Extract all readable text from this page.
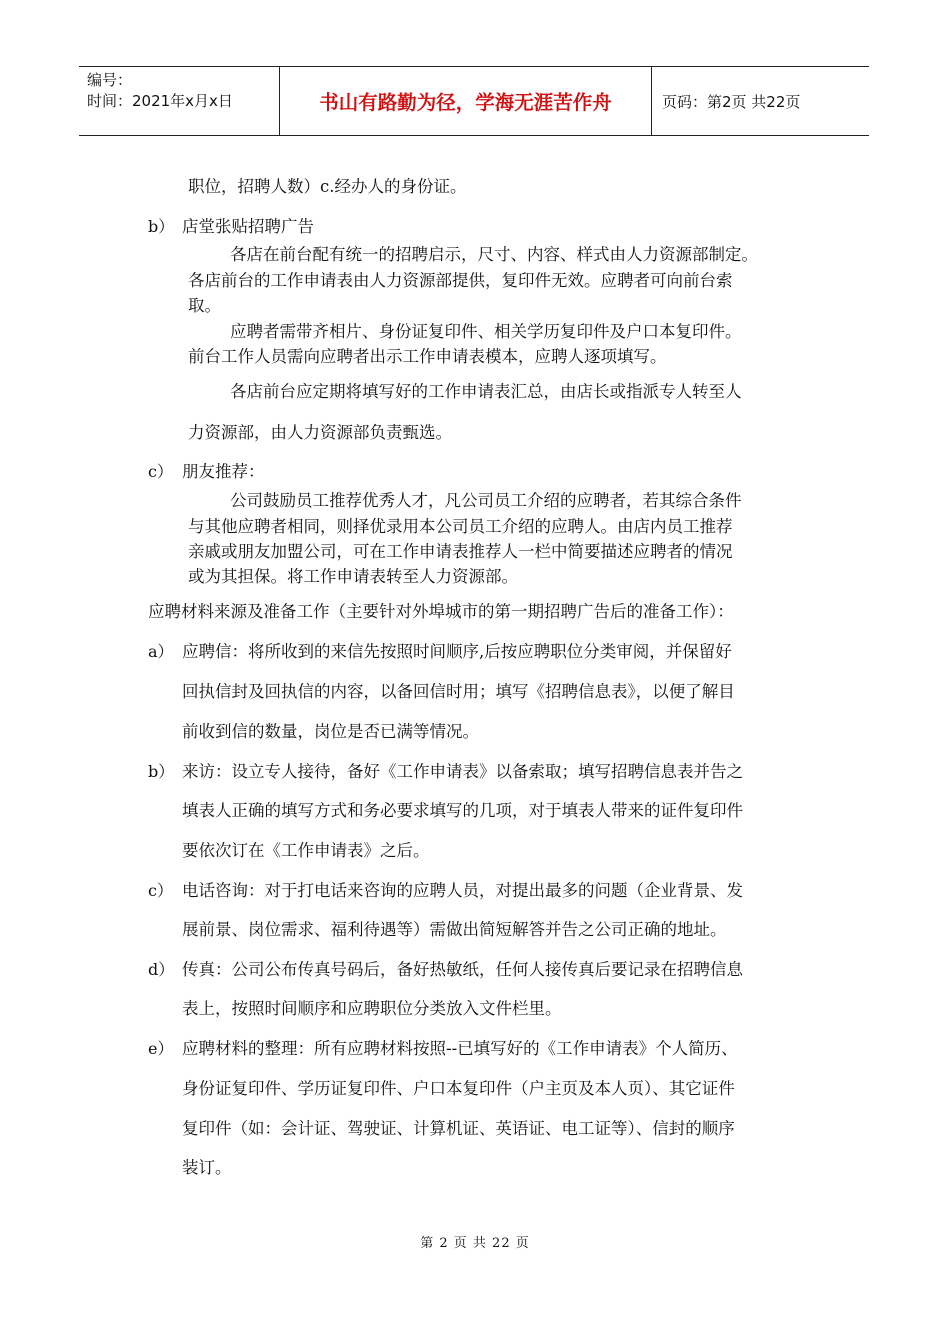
编号：
时间：2021年x月x日	书山有路勤为径，学海无涯苦作舟	页码：第2页 共22页
职位，招聘人数）c.经办人的身份证。
b） 店堂张贴招聘广告
各店在前台配有统一的招聘启示，尺寸、内容、样式由人力资源部制定。
各店前台的工作申请表由人力资源部提供，复印件无效。应聘者可向前台索
取。
应聘者需带齐相片、身份证复印件、相关学历复印件及户口本复印件。
前台工作人员需向应聘者出示工作申请表模本，应聘人逐项填写。
各店前台应定期将填写好的工作申请表汇总，由店长或指派专人转至人
力资源部，由人力资源部负责甄选。
c） 朋友推荐：
公司鼓励员工推荐优秀人才，凡公司员工介绍的应聘者，若其综合条件
与其他应聘者相同，则择优录用本公司员工介绍的应聘人。由店内员工推荐
亲戚或朋友加盟公司，可在工作申请表推荐人一栏中简要描述应聘者的情况
或为其担保。将工作申请表转至人力资源部。
应聘材料来源及准备工作（主要针对外埠城市的第一期招聘广告后的准备工作）：
a） 应聘信：将所收到的来信先按照时间顺序,后按应聘职位分类审阅，并保留好
回执信封及回执信的内容，以备回信时用；填写《招聘信息表》，以便了解目
前收到信的数量，岗位是否已满等情况。
b） 来访：设立专人接待，备好《工作申请表》以备索取；填写招聘信息表并告之
填表人正确的填写方式和务必要求填写的几项，对于填表人带来的证件复印件
要依次订在《工作申请表》之后。
c） 电话咨询：对于打电话来咨询的应聘人员，对提出最多的问题（企业背景、发
展前景、岗位需求、福利待遇等）需做出简短解答并告之公司正确的地址。
d） 传真：公司公布传真号码后，备好热敏纸，任何人接传真后要记录在招聘信息
表上，按照时间顺序和应聘职位分类放入文件栏里。
e） 应聘材料的整理：所有应聘材料按照--已填写好的《工作申请表》个人简历、
身份证复印件、学历证复印件、户口本复印件（户主页及本人页）、其它证件
复印件（如：会计证、驾驶证、计算机证、英语证、电工证等）、信封的顺序
装订。
第 2 页 共 22 页
